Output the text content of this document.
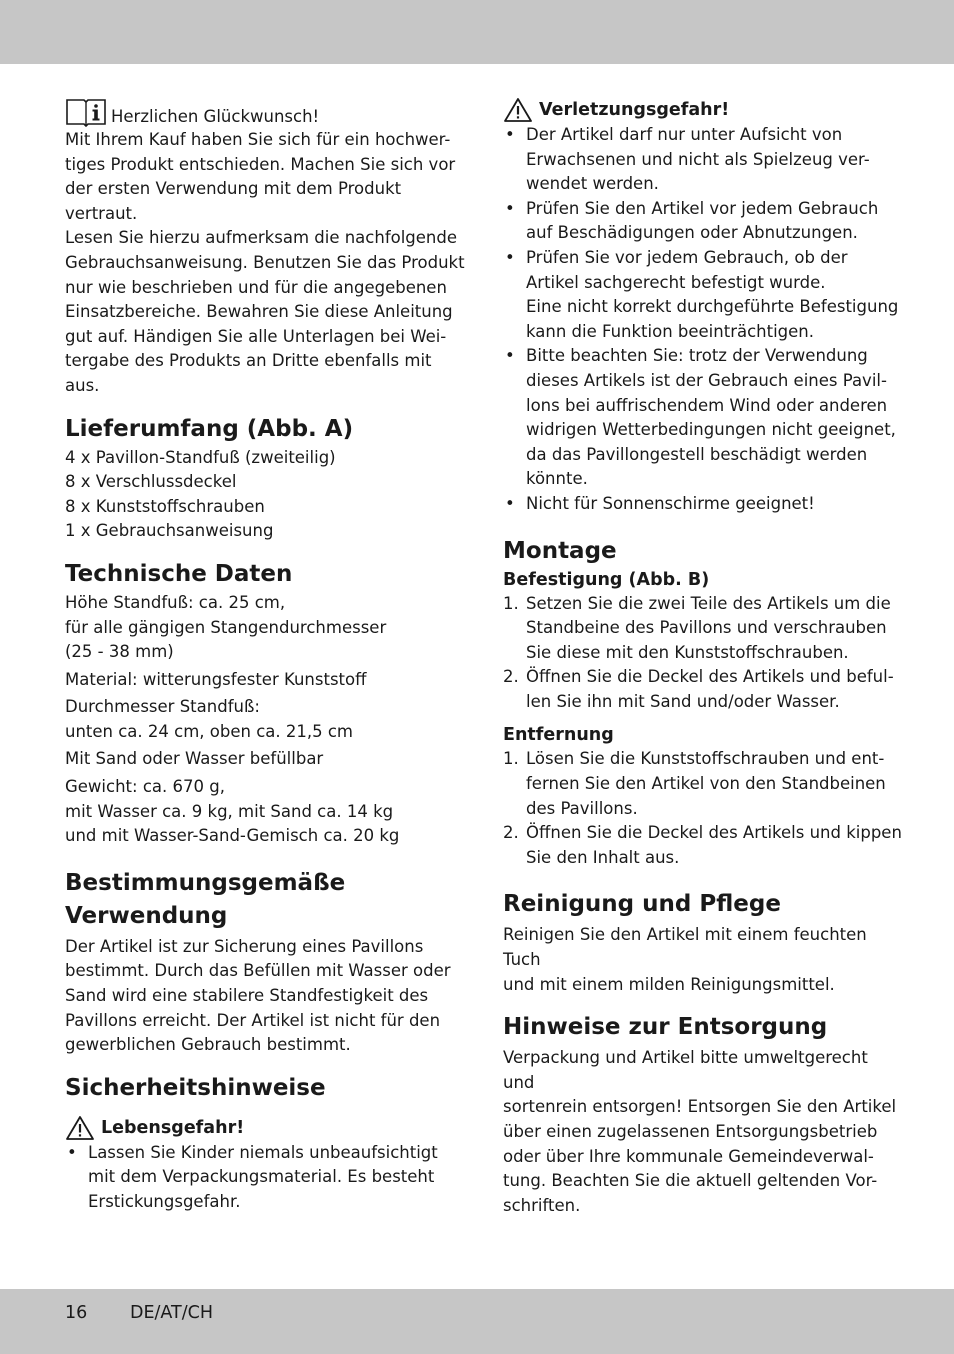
Herzlichen Glückwunsch!
Mit Ihrem Kauf haben Sie sich für ein hochwer-
tiges Produkt entschieden. Machen Sie sich vor
der ersten Verwendung mit dem Produkt vertraut.
Lesen Sie hierzu aufmerksam die nachfolgende
Gebrauchsanweisung. Benutzen Sie das Produkt
nur wie beschrieben und für die angegebenen
Einsatzbereiche. Bewahren Sie diese Anleitung
gut auf. Händigen Sie alle Unterlagen bei Wei-
tergabe des Produkts an Dritte ebenfalls mit aus.
Lieferumfang (Abb. A)
4 x Pavillon-Standfuß (zweiteilig)
8 x Verschlussdeckel
8 x Kunststoffschrauben
1 x Gebrauchsanweisung
Technische Daten
Höhe Standfuß: ca. 25 cm,
für alle gängigen Stangendurchmesser
(25 - 38 mm)
Material: witterungsfester Kunststoff
Durchmesser Standfuß:
unten ca. 24 cm, oben ca. 21,5 cm
Mit Sand oder Wasser befüllbar
Gewicht: ca. 670 g,
mit Wasser ca. 9 kg, mit Sand ca. 14 kg
und mit Wasser-Sand-Gemisch ca. 20 kg
Bestimmungsgemäße
Verwendung
Der Artikel ist zur Sicherung eines Pavillons
bestimmt. Durch das Befüllen mit Wasser oder
Sand wird eine stabilere Standfestigkeit des
Pavillons erreicht. Der Artikel ist nicht für den
gewerblichen Gebrauch bestimmt.
Sicherheitshinweise
Lebensgefahr!
• Lassen Sie Kinder niemals unbeaufsichtigt
mit dem Verpackungsmaterial. Es besteht
Erstickungsgefahr.
Verletzungsgefahr!
• Der Artikel darf nur unter Aufsicht von
Erwachsenen und nicht als Spielzeug ver-
wendet werden.
• Prüfen Sie den Artikel vor jedem Gebrauch
auf Beschädigungen oder Abnutzungen.
• Prüfen Sie vor jedem Gebrauch, ob der
Artikel sachgerecht befestigt wurde.
Eine nicht korrekt durchgeführte Befestigung
kann die Funktion beeinträchtigen.
• Bitte beachten Sie: trotz der Verwendung
dieses Artikels ist der Gebrauch eines Pavil-
lons bei auffrischendem Wind oder anderen
widrigen Wetterbedingungen nicht geeignet,
da das Pavillongestell beschädigt werden
könnte.
• Nicht für Sonnenschirme geeignet!
Montage
Befestigung (Abb. B)
1. Setzen Sie die zwei Teile des Artikels um die
Standbeine des Pavillons und verschrauben
Sie diese mit den Kunststoffschrauben.
2. Öffnen Sie die Deckel des Artikels und beful-
len Sie ihn mit Sand und/oder Wasser.
Entfernung
1. Lösen Sie die Kunststoffschrauben und ent-
fernen Sie den Artikel von den Standbeinen
des Pavillons.
2. Öffnen Sie die Deckel des Artikels und kippen
Sie den Inhalt aus.
Reinigung und Pflege
Reinigen Sie den Artikel mit einem feuchten Tuch
und mit einem milden Reinigungsmittel.
Hinweise zur Entsorgung
Verpackung und Artikel bitte umweltgerecht und
sortenrein entsorgen! Entsorgen Sie den Artikel
über einen zugelassenen Entsorgungsbetrieb
oder über Ihre kommunale Gemeindeverwal-
tung. Beachten Sie die aktuell geltenden Vor-
schriften.
16 DE/AT/CH
